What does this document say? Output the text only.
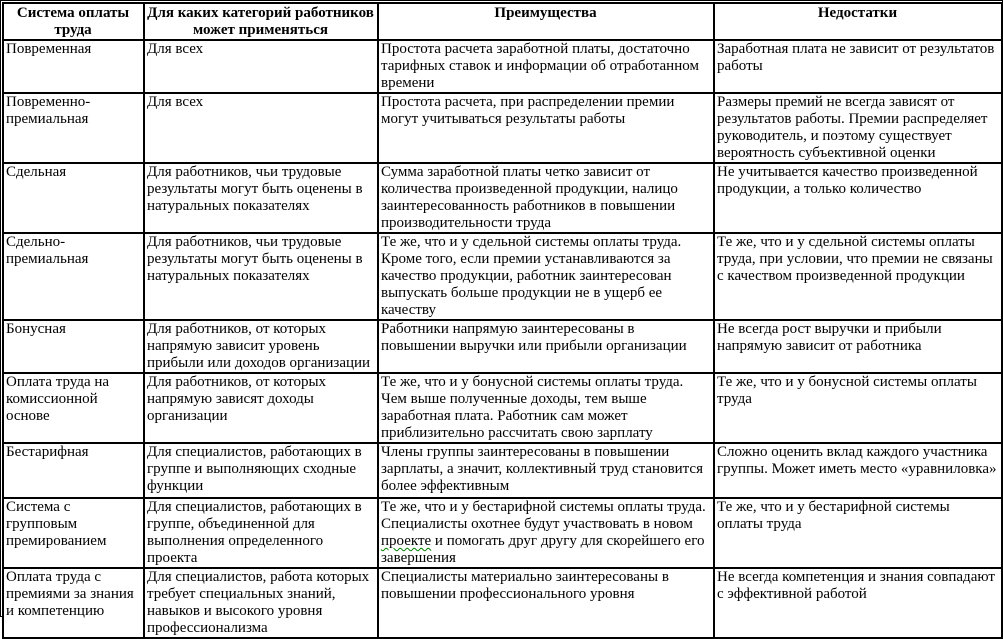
Система оплаты труда	Для каких категорий работников может применяться	Преимущества	Недостатки
Повременная	Для всех	Простота расчета заработной платы, достаточно тарифных ставок и информации об отработанном времени	Заработная плата не зависит от результатов работы
Повременно-премиальная	Для всех	Простота расчета, при распределении премии могут учитываться результаты работы	Размеры премий не всегда зависят от результатов работы. Премии распределяет руководитель, и поэтому существует вероятность субъективной оценки
Сдельная	Для работников, чьи трудовые результаты могут быть оценены в натуральных показателях	Сумма заработной платы четко зависит от количества произведенной продукции, налицо заинтересованность работников в повышении производительности труда	Не учитывается качество произведенной продукции, а только количество
Сдельно-премиальная	Для работников, чьи трудовые результаты могут быть оценены в натуральных показателях	Те же, что и у сдельной системы оплаты труда. Кроме того, если премии устанавливаются за качество продукции, работник заинтересован выпускать больше продукции не в ущерб ее качеству	Те же, что и у сдельной системы оплаты труда, при условии, что премии не связаны с качеством произведенной продукции
Бонусная	Для работников, от которых напрямую зависит уровень прибыли или доходов организации	Работники напрямую заинтересованы в повышении выручки или прибыли организации	Не всегда рост выручки и прибыли напрямую зависит от работника
Оплата труда на комиссионной основе	Для работников, от которых напрямую зависят доходы организации	Те же, что и у бонусной системы оплаты труда. Чем выше полученные доходы, тем выше заработная плата. Работник сам может приблизительно рассчитать свою зарплату	Те же, что и у бонусной системы оплаты труда
Бестарифная	Для специалистов, работающих в группе и выполняющих сходные функции	Члены группы заинтересованы в повышении зарплаты, а значит, коллективный труд становится более эффективным	Сложно оценить вклад каждого участника группы. Может иметь место «уравниловка»
Система с групповым премированием	Для специалистов, работающих в группе, объединенной для выполнения определенного проекта	Те же, что и у бестарифной системы оплаты труда. Специалисты охотнее будут участвовать в новом проекте и помогать друг другу для скорейшего его завершения	Те же, что и у бестарифной системы оплаты труда
Оплата труда с премиями за знания и компетенцию	Для специалистов, работа которых требует специальных знаний, навыков и высокого уровня профессионализма	Специалисты материально заинтересованы в повышении профессионального уровня	Не всегда компетенция и знания совпадают с эффективной работой
